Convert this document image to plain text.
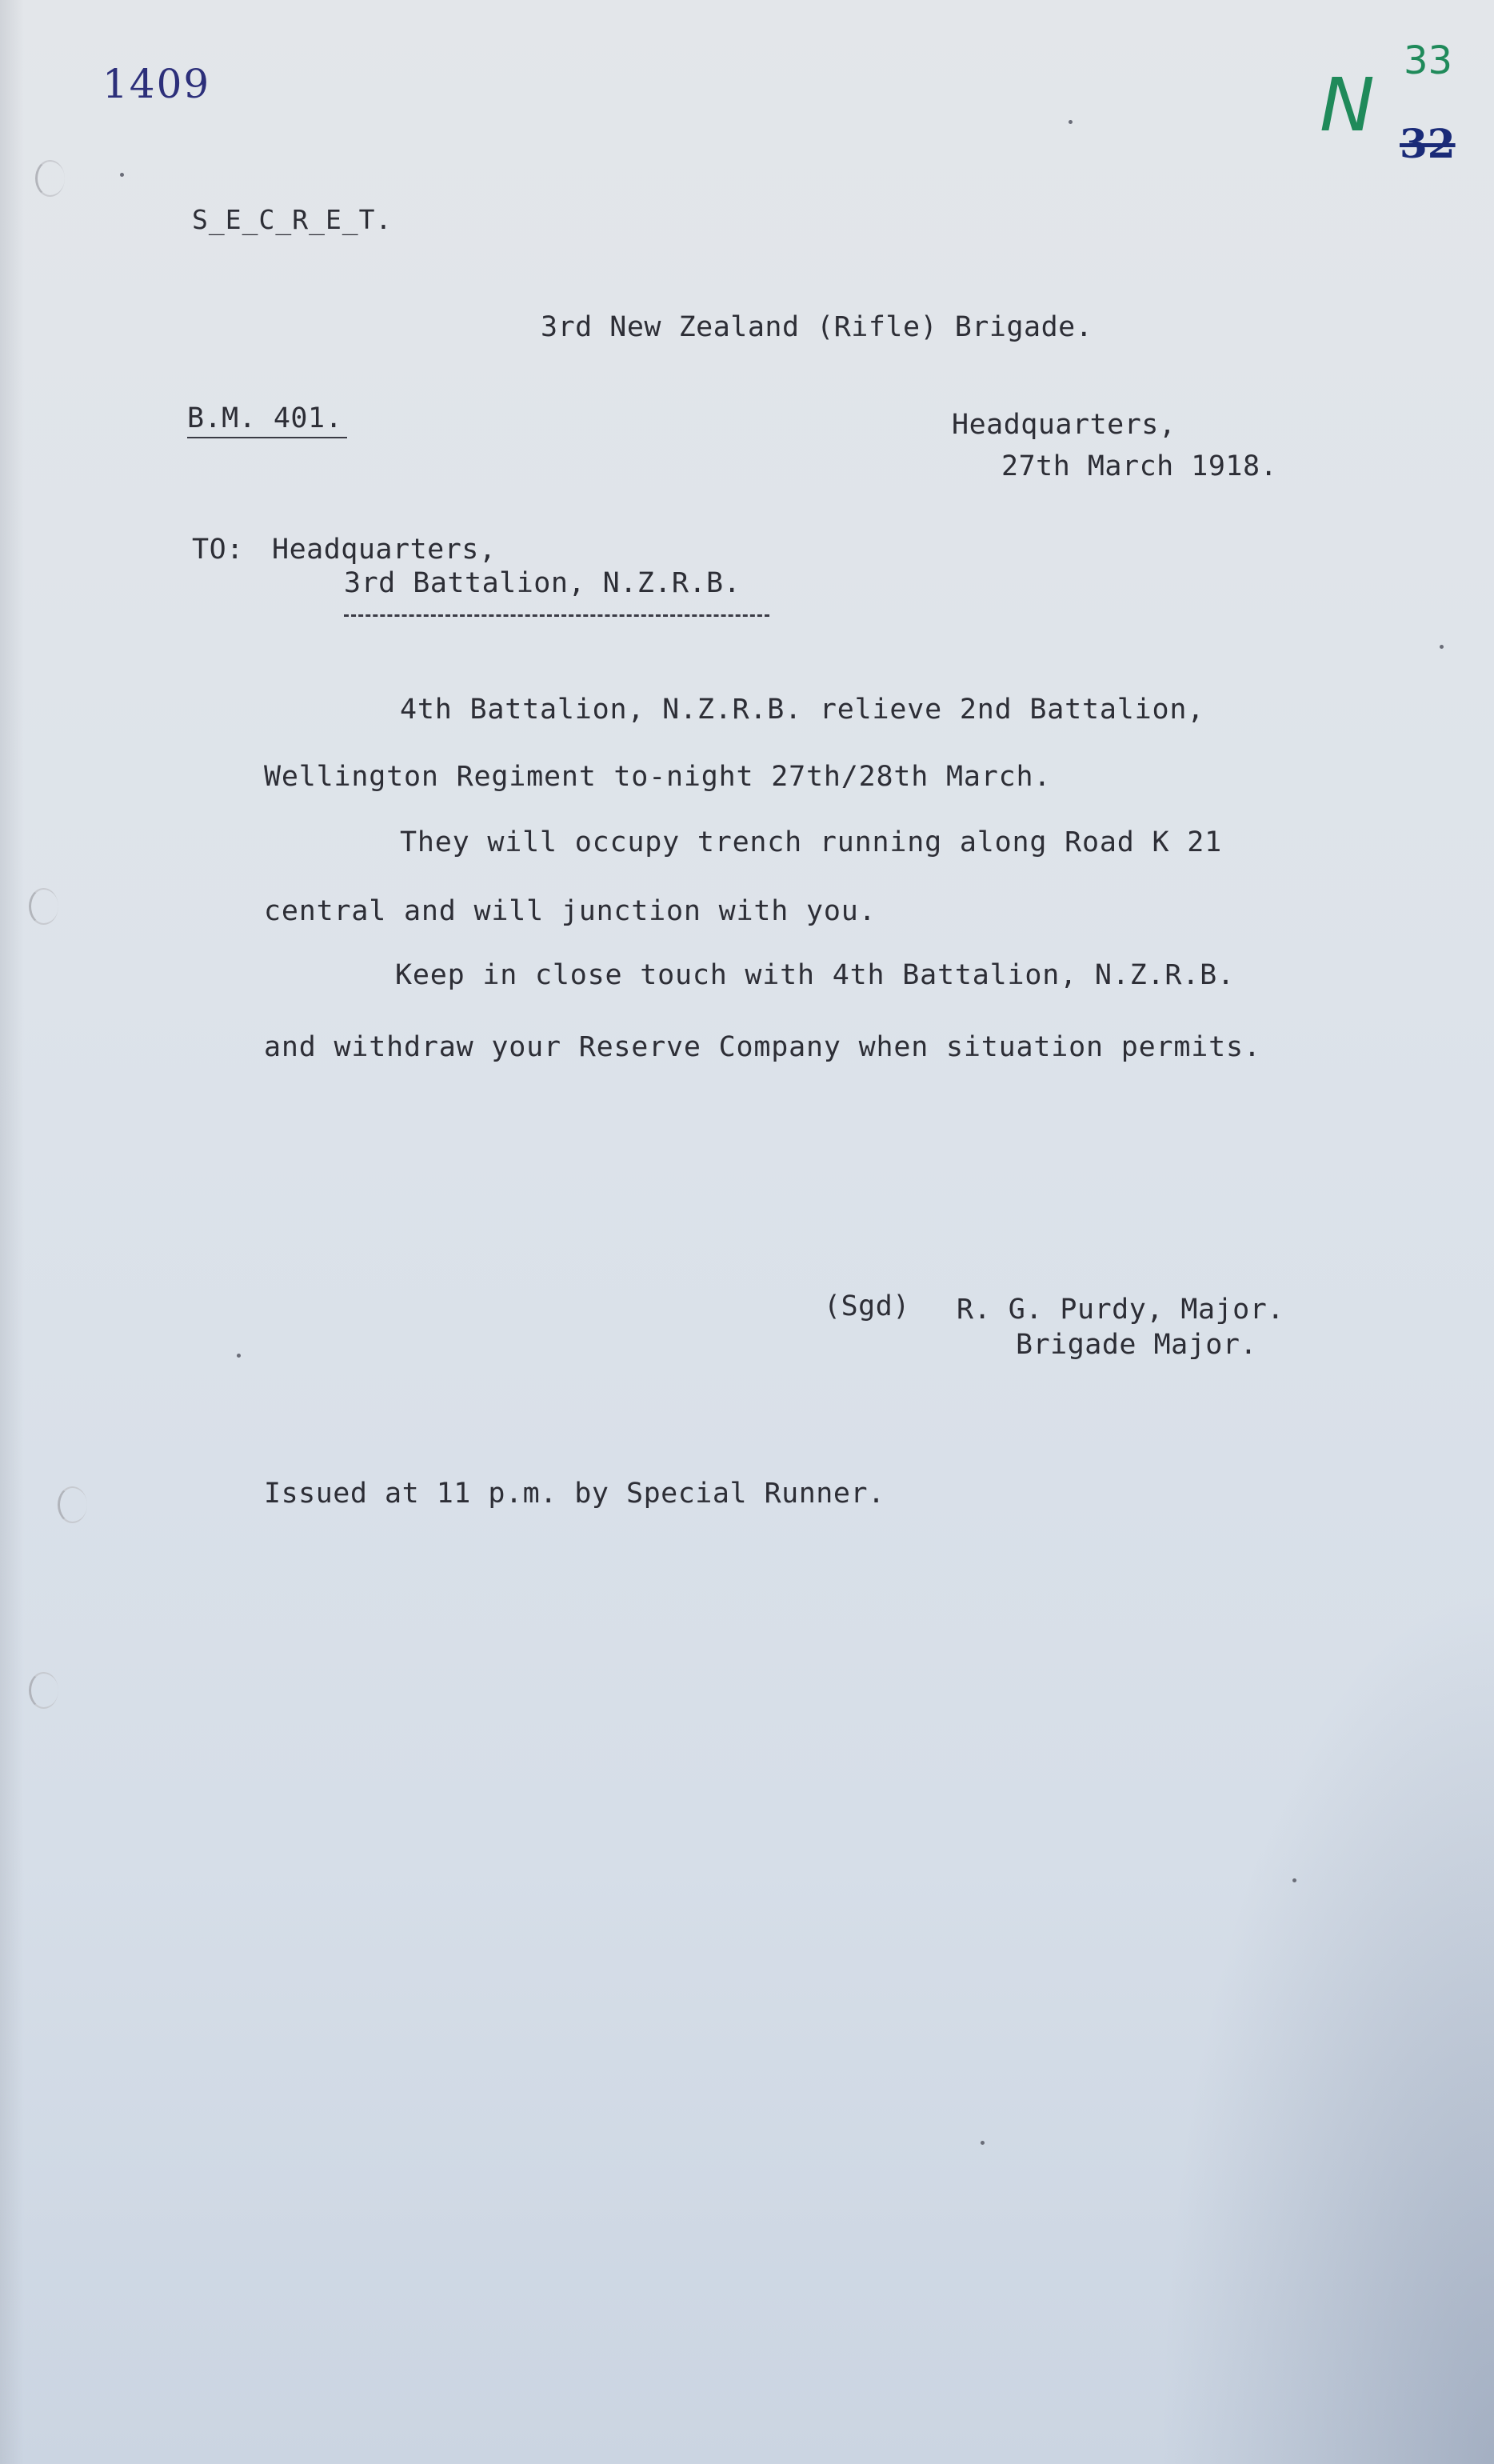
1409	N
33
32
S_E_C_R_E_T.
3rd New Zealand (Rifle) Brigade.
B.M. 401.	Headquarters,
27th March 1918.
TO: Headquarters,
3rd Battalion, N.Z.R.B.
4th Battalion, N.Z.R.B. relieve 2nd Battalion,
Wellington Regiment to-night 27th/28th March.
They will occupy trench running along Road K 21
central and will junction with you.
Keep in close touch with 4th Battalion, N.Z.R.B.
and withdraw your Reserve Company when situation permits.
(Sgd) R. G. Purdy, Major.
Brigade Major.
Issued at 11 p.m. by Special Runner.
